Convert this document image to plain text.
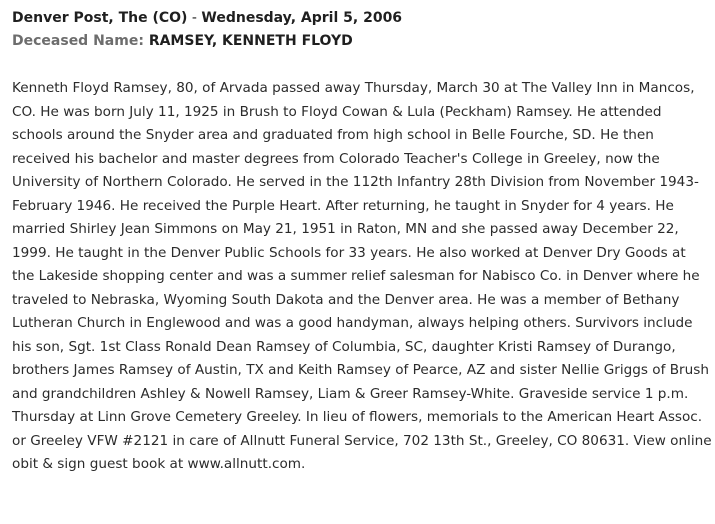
Denver Post, The (CO) - Wednesday, April 5, 2006
Deceased Name: RAMSEY, KENNETH FLOYD
Kenneth Floyd Ramsey, 80, of Arvada passed away Thursday, March 30 at The Valley Inn in Mancos, CO. He was born July 11, 1925 in Brush to Floyd Cowan & Lula (Peckham) Ramsey. He attended schools around the Snyder area and graduated from high school in Belle Fourche, SD. He then received his bachelor and master degrees from Colorado Teacher's College in Greeley, now the University of Northern Colorado. He served in the 112th Infantry 28th Division from November 1943-February 1946. He received the Purple Heart. After returning, he taught in Snyder for 4 years. He married Shirley Jean Simmons on May 21, 1951 in Raton, MN and she passed away December 22, 1999. He taught in the Denver Public Schools for 33 years. He also worked at Denver Dry Goods at the Lakeside shopping center and was a summer relief salesman for Nabisco Co. in Denver where he traveled to Nebraska, Wyoming South Dakota and the Denver area. He was a member of Bethany Lutheran Church in Englewood and was a good handyman, always helping others. Survivors include his son, Sgt. 1st Class Ronald Dean Ramsey of Columbia, SC, daughter Kristi Ramsey of Durango, brothers James Ramsey of Austin, TX and Keith Ramsey of Pearce, AZ and sister Nellie Griggs of Brush and grandchildren Ashley & Nowell Ramsey, Liam & Greer Ramsey-White. Graveside service 1 p.m. Thursday at Linn Grove Cemetery Greeley. In lieu of flowers, memorials to the American Heart Assoc. or Greeley VFW #2121 in care of Allnutt Funeral Service, 702 13th St., Greeley, CO 80631. View online obit & sign guest book at www.allnutt.com.
